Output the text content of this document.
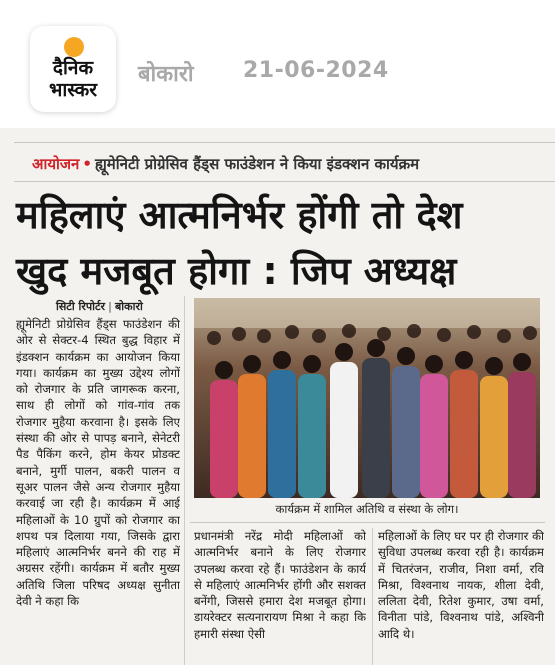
दैनिक
भास्कर
बोकारो 21-06-2024
आयोजन • ह्यूमेनिटी प्रोग्रेसिव हैंड्स फाउंडेशन ने किया इंडक्शन कार्यक्रम
महिलाएं आत्मनिर्भर होंगी तो देश
खुद मजबूत होगा : जिप अध्यक्ष
सिटी रिपोर्टर | बोकारो
ह्यूमेनिटी प्रोग्रेसिव हैंड्स फाउंडेशन की ओर से सेक्टर-4 स्थित बुद्ध विहार में इंडक्शन कार्यक्रम का आयोजन किया गया। कार्यक्रम का मुख्य उद्देश्य लोगों को रोजगार के प्रति जागरूक करना, साथ ही लोगों को गांव-गांव तक रोजगार मुहैया करवाना है। इसके लिए संस्था की ओर से पापड़ बनाने, सेनेटरी पैड पैकिंग करने, होम केयर प्रोडक्ट बनाने, मुर्गी पालन, बकरी पालन व सूअर पालन जैसे अन्य रोजगार मुहैया करवाई जा रही है। कार्यक्रम में आई महिलाओं के 10 ग्रुपों को रोजगार का शपथ पत्र दिलाया गया, जिसके द्वारा महिलाएं आत्मनिर्भर बनने की राह में अग्रसर रहेंगी। कार्यक्रम में बतौर मुख्य अतिथि जिला परिषद अध्यक्ष सुनीता देवी ने कहा कि
कार्यक्रम में शामिल अतिथि व संस्था के लोग।
प्रधानमंत्री नरेंद्र मोदी महिलाओं को आत्मनिर्भर बनाने के लिए रोजगार उपलब्ध करवा रहे हैं। फाउंडेशन के कार्य से महिलाएं आत्मनिर्भर होंगी और सशक्त बनेंगी, जिससे हमारा देश मजबूत होगा। डायरेक्टर सत्यनारायण मिश्रा ने कहा कि हमारी संस्था ऐसी
महिलाओं के लिए घर पर ही रोजगार की सुविधा उपलब्ध करवा रही है। कार्यक्रम में चितरंजन, राजीव, निशा वर्मा, रवि मिश्रा, विश्वनाथ नायक, शीला देवी, ललिता देवी, रितेश कुमार, उषा वर्मा, विनीता पांडे, विश्वनाथ पांडे, अश्विनी आदि थे।
